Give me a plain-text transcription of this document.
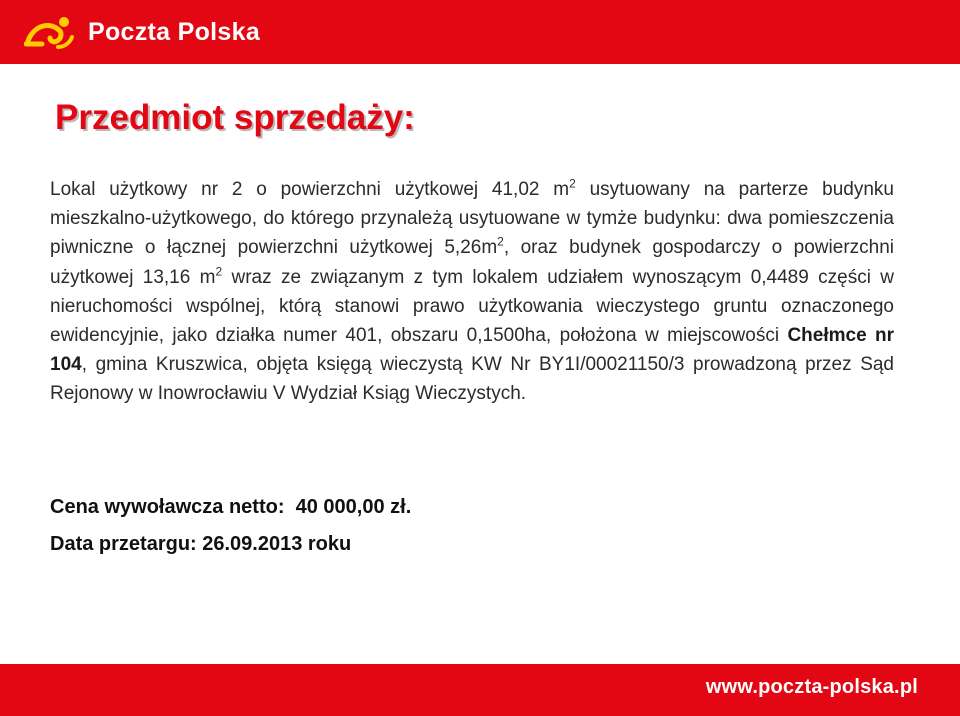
Poczta Polska
Przedmiot sprzedaży:

Lokal użytkowy nr 2 o powierzchni użytkowej 41,02 $m^2$ usytuowany na parterze budynku mieszkalno-użytkowego, do którego przynależą usytuowane w tymże budynku: dwa pomieszczenia piwniczne o łącznej powierzchni użytkowej $5,26m^2$, oraz budynek gospodarczy o powierzchni użytkowej 13,16 $m^2$ wraz ze związanym z tym lokalem udziałem wynoszącym 0,4489 części w nieruchomości wspólnej, którą stanowi prawo użytkowania wieczystego gruntu oznaczonego ewidencyjnie, jako działka numer 401, obszaru 0,1500ha, położona w miejscowości Chełmce nr 104, gmina Kruszwica, objęta księgą wieczystą KW Nr BY1I/00021150/3 prowadzoną przez Sąd Rejonowy w Inowrocławiu V Wydział Ksiąg Wieczystych.

Cena wywoławcza netto:  40 000,00 zł.
Data przetargu: 26.09.2013 roku
www.poczta-polska.pl
